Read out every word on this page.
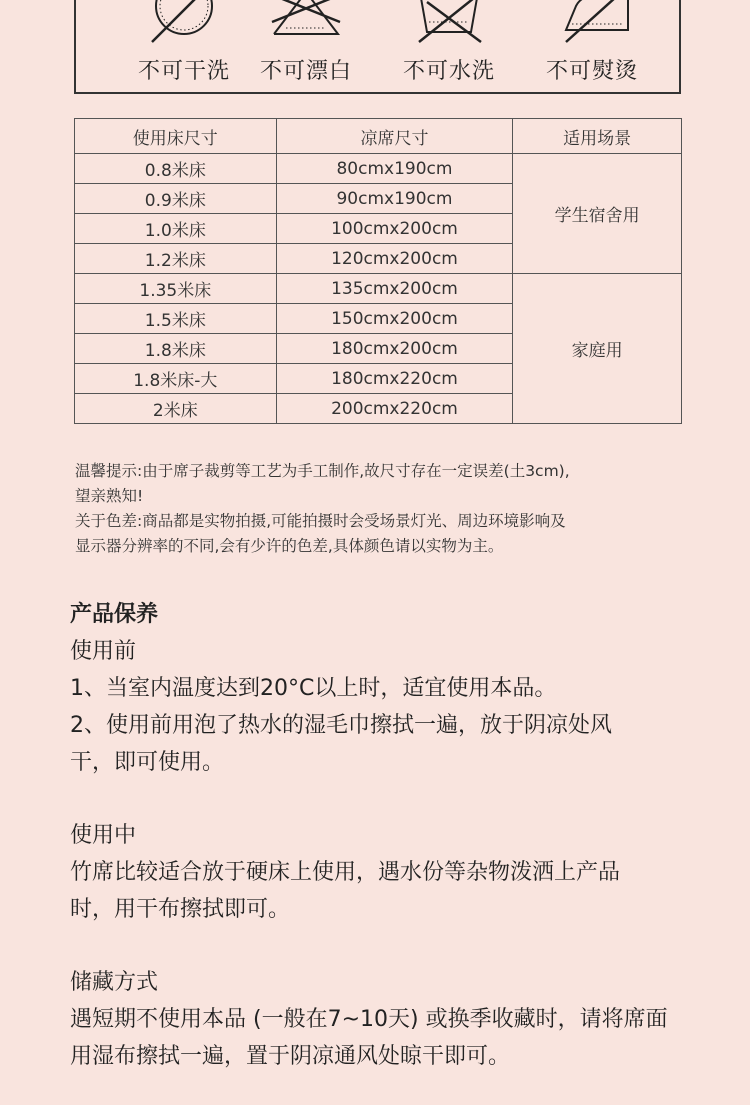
不可干洗	不可漂白	不可水洗	不可熨烫
使用床尺寸	凉席尺寸	适用场景
0.8米床	80cmx190cm	学生宿舍用
0.9米床	90cmx190cm	
1.0米床	100cmx200cm	
1.2米床	120cmx200cm	
1.35米床	135cmx200cm	家庭用
1.5米床	150cmx200cm	
1.8米床	180cmx200cm	
1.8米床-大	180cmx220cm	
2米床	200cmx220cm	

温馨提示:由于席子裁剪等工艺为手工制作,故尺寸存在一定误差(土3cm),

望亲熟知!

关于色差:商品都是实物拍摄,可能拍摄时会受场景灯光、周边环境影响及

显示器分辨率的不同,会有少许的色差,具体颜色请以实物为主。

产品保养

使用前

1、当室内温度达到20°C以上时，适宜使用本品。

2、使用前用泡了热水的湿毛巾擦拭一遍，放于阴凉处风

干，即可使用。

使用中

竹席比较适合放于硬床上使用，遇水份等杂物泼洒上产品

时，用干布擦拭即可。

储藏方式

遇短期不使用本品 (一般在7~10天) 或换季收藏时，请将席面

用湿布擦拭一遍，置于阴凉通风处晾干即可。
